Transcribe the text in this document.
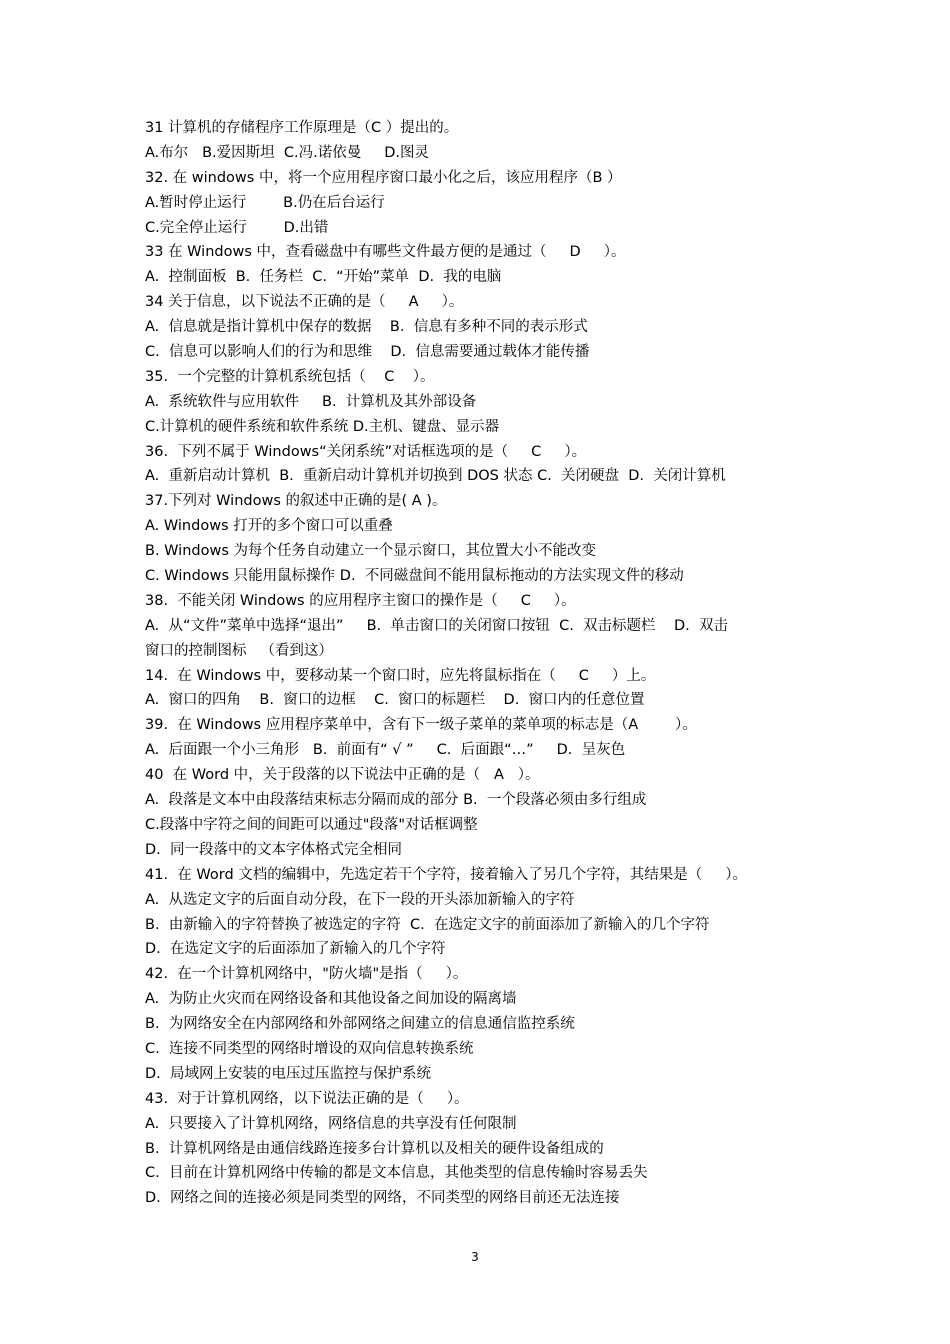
31 计算机的存储程序工作原理是（C ）提出的。
A.布尔   B.爱因斯坦  C.冯.诺依曼     D.图灵
32. 在 windows 中，将一个应用程序窗口最小化之后，该应用程序（B ）
A.暂时停止运行        B.仍在后台运行
C.完全停止运行        D.出错
33 在 Windows 中，查看磁盘中有哪些文件最方便的是通过（     D     ）。
A.  控制面板  B.  任务栏  C.  “开始”菜单  D.  我的电脑
34 关于信息，以下说法不正确的是（     A     ）。
A.  信息就是指计算机中保存的数据    B.  信息有多种不同的表示形式
C.  信息可以影响人们的行为和思维    D.  信息需要通过载体才能传播
35.  一个完整的计算机系统包括（    C    ）。
A.  系统软件与应用软件     B.  计算机及其外部设备
C.计算机的硬件系统和软件系统 D.主机、键盘、显示器
36.  下列不属于 Windows“关闭系统”对话框选项的是（     C     ）。
A.  重新启动计算机  B.  重新启动计算机并切换到 DOS 状态 C.  关闭硬盘  D.  关闭计算机
37.下列对 Windows 的叙述中正确的是( A )。
A. Windows 打开的多个窗口可以重叠
B. Windows 为每个任务自动建立一个显示窗口，其位置大小不能改变
C. Windows 只能用鼠标操作 D.  不同磁盘间不能用鼠标拖动的方法实现文件的移动
38.  不能关闭 Windows 的应用程序主窗口的操作是（     C     ）。
A.  从“文件”菜单中选择“退出”     B.  单击窗口的关闭窗口按钮  C.  双击标题栏    D.  双击
窗口的控制图标   （看到这）
14.  在 Windows 中，要移动某一个窗口时，应先将鼠标指在（     C     ）上。
A.  窗口的四角    B.  窗口的边框    C.  窗口的标题栏    D.  窗口内的任意位置
39.  在 Windows 应用程序菜单中，含有下一级子菜单的菜单项的标志是（A        ）。
A.  后面跟一个小三角形   B.  前面有“ √ ”     C.  后面跟“…”     D.  呈灰色
40  在 Word 中，关于段落的以下说法中正确的是（   A   ）。
A.  段落是文本中由段落结束标志分隔而成的部分 B.  一个段落必须由多行组成
C.段落中字符之间的间距可以通过"段落"对话框调整
D.  同一段落中的文本字体格式完全相同
41.  在 Word 文档的编辑中，先选定若干个字符，接着输入了另几个字符，其结果是（     ）。
A.  从选定文字的后面自动分段，在下一段的开头添加新输入的字符
B.  由新输入的字符替换了被选定的字符  C.  在选定文字的前面添加了新输入的几个字符
D.  在选定文字的后面添加了新输入的几个字符
42.  在一个计算机网络中，"防火墙"是指（     ）。
A.  为防止火灾而在网络设备和其他设备之间加设的隔离墙
B.  为网络安全在内部网络和外部网络之间建立的信息通信监控系统
C.  连接不同类型的网络时增设的双向信息转换系统
D.  局域网上安装的电压过压监控与保护系统
43.  对于计算机网络，以下说法正确的是（     ）。
A.  只要接入了计算机网络，网络信息的共享没有任何限制
B.  计算机网络是由通信线路连接多台计算机以及相关的硬件设备组成的
C.  目前在计算机网络中传输的都是文本信息，其他类型的信息传输时容易丢失
D.  网络之间的连接必须是同类型的网络，不同类型的网络目前还无法连接
3
